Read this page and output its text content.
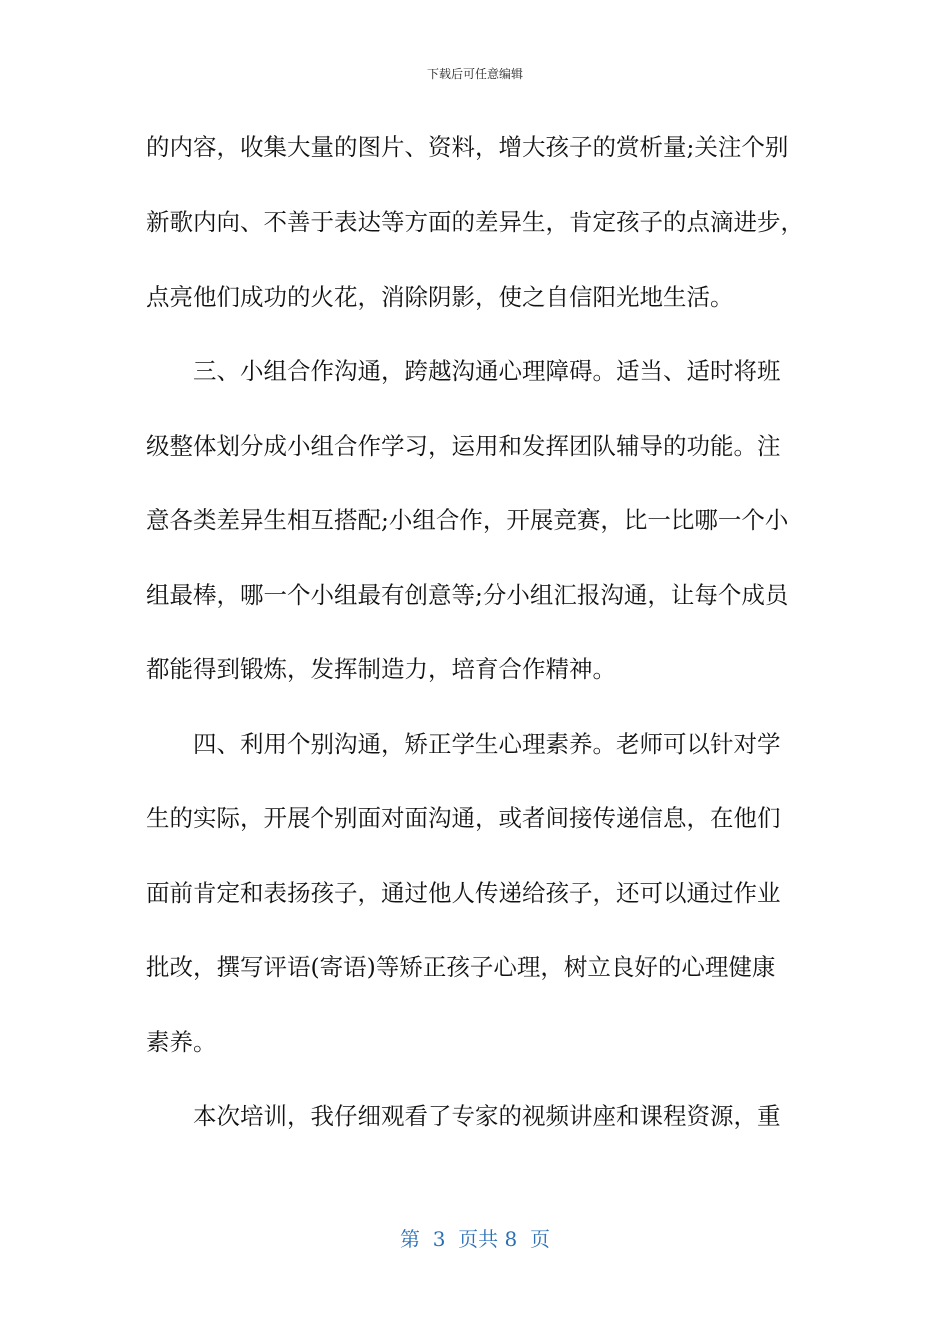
下载后可任意编辑
的内容，收集大量的图片、资料，增大孩子的赏析量;关注个别
新歌内向、不善于表达等方面的差异生，肯定孩子的点滴进步，
点亮他们成功的火花，消除阴影，使之自信阳光地生活。
三、小组合作沟通，跨越沟通心理障碍。适当、适时将班
级整体划分成小组合作学习，运用和发挥团队辅导的功能。注
意各类差异生相互搭配;小组合作，开展竞赛，比一比哪一个小
组最棒，哪一个小组最有创意等;分小组汇报沟通，让每个成员
都能得到锻炼，发挥制造力，培育合作精神。
四、利用个别沟通，矫正学生心理素养。老师可以针对学
生的实际，开展个别面对面沟通，或者间接传递信息，在他们
面前肯定和表扬孩子，通过他人传递给孩子，还可以通过作业
批改，撰写评语(寄语)等矫正孩子心理，树立良好的心理健康
素养。
本次培训，我仔细观看了专家的视频讲座和课程资源，重
第  3  页共 8  页
